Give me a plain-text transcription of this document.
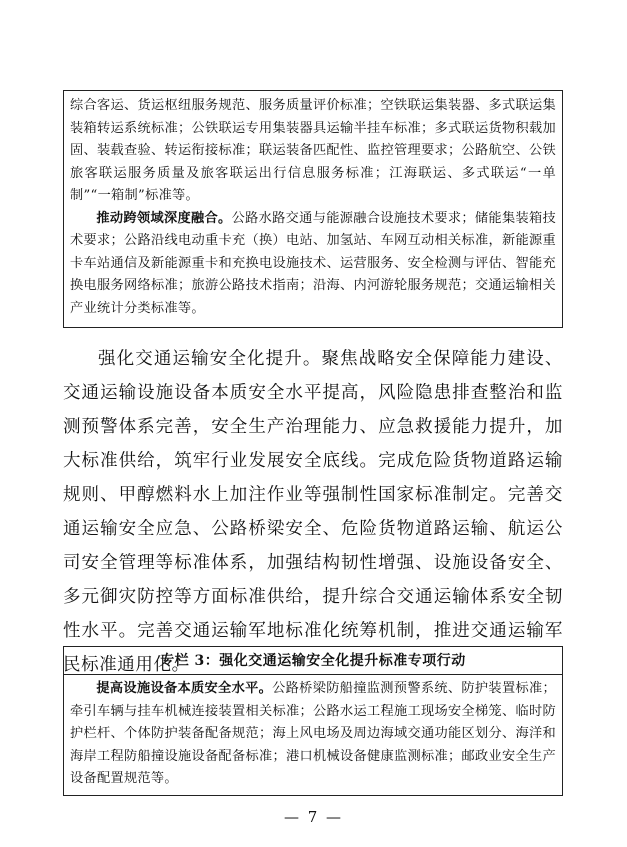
综合客运、货运枢纽服务规范、服务质量评价标准；空铁联运集装器、多式联运集装箱转运系统标准；公铁联运专用集装器具运输半挂车标准；多式联运货物积载加固、装载查验、转运衔接标准；联运装备匹配性、监控管理要求；公路航空、公铁旅客联运服务质量及旅客联运出行信息服务标准；江海联运、多式联运“一单制”“一箱制”标准等。

推动跨领域深度融合。公路水路交通与能源融合设施技术要求；储能集装箱技术要求；公路沿线电动重卡充（换）电站、加氢站、车网互动相关标准，新能源重卡车站通信及新能源重卡和充换电设施技术、运营服务、安全检测与评估、智能充换电服务网络标准；旅游公路技术指南；沿海、内河游轮服务规范；交通运输相关产业统计分类标准等。

强化交通运输安全化提升。聚焦战略安全保障能力建设、交通运输设施设备本质安全水平提高，风险隐患排查整治和监测预警体系完善，安全生产治理能力、应急救援能力提升，加大标准供给，筑牢行业发展安全底线。完成危险货物道路运输规则、甲醇燃料水上加注作业等强制性国家标准制定。完善交通运输安全应急、公路桥梁安全、危险货物道路运输、航运公司安全管理等标准体系，加强结构韧性增强、设施设备安全、多元御灾防控等方面标准供给，提升综合交通运输体系安全韧性水平。完善交通运输军地标准化统筹机制，推进交通运输军民标准通用化。

专栏 3：强化交通运输安全化提升标准专项行动

提高设施设备本质安全水平。公路桥梁防船撞监测预警系统、防护装置标准；牵引车辆与挂车机械连接装置相关标准；公路水运工程施工现场安全梯笼、临时防护栏杆、个体防护装备配备规范；海上风电场及周边海域交通功能区划分、海洋和海岸工程防船撞设施设备配备标准；港口机械设备健康监测标准；邮政业安全生产设备配置规范等。

— 7 —
